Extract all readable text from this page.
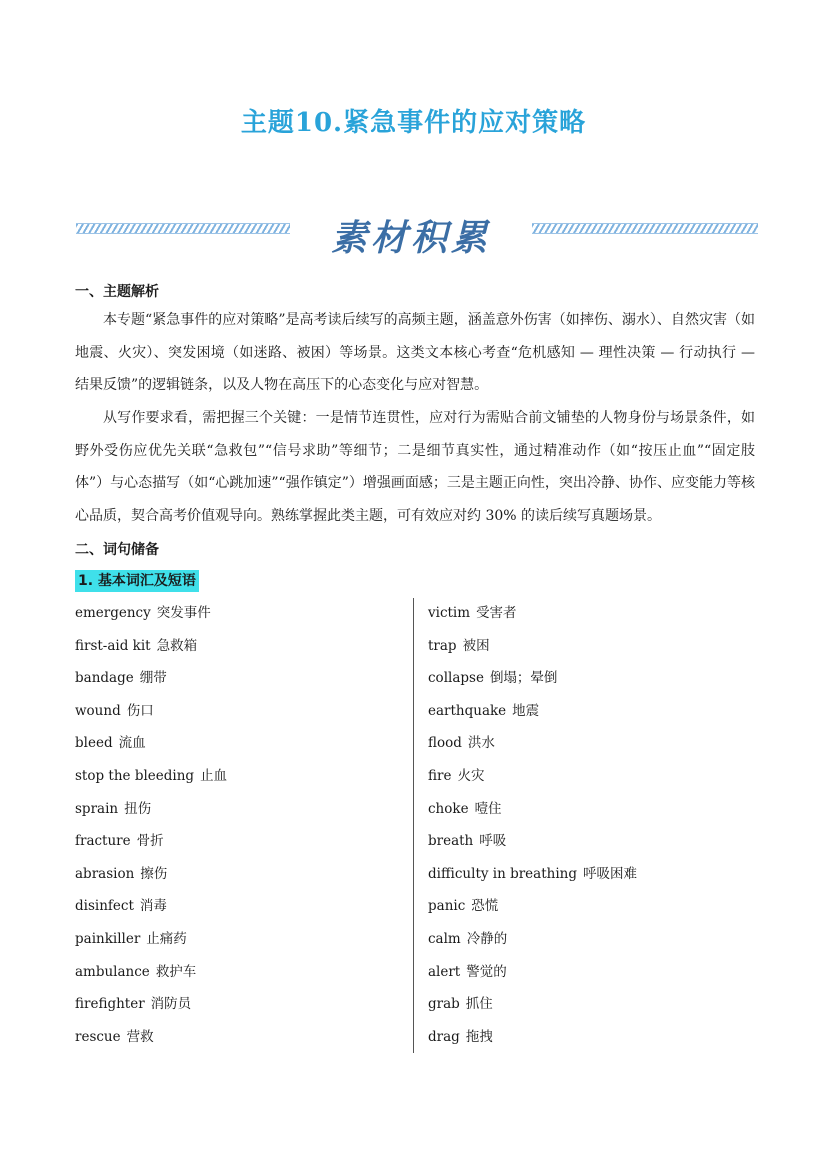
主题10.紧急事件的应对策略
素材积累
一、主题解析
本专题“紧急事件的应对策略”是高考读后续写的高频主题，涵盖意外伤害（如摔伤、溺水）、自然灾害（如地震、火灾）、突发困境（如迷路、被困）等场景。这类文本核心考查“危机感知 — 理性决策 — 行动执行 — 结果反馈”的逻辑链条，以及人物在高压下的心态变化与应对智慧。
从写作要求看，需把握三个关键：一是情节连贯性，应对行为需贴合前文铺垫的人物身份与场景条件，如野外受伤应优先关联“急救包”“信号求助”等细节；二是细节真实性，通过精准动作（如“按压止血”“固定肢体”）与心态描写（如“心跳加速”“强作镇定”）增强画面感；三是主题正向性，突出冷静、协作、应变能力等核心品质，契合高考价值观导向。熟练掌握此类主题，可有效应对约 30% 的读后续写真题场景。
二、词句储备
1. 基本词汇及短语
emergency 突发事件
first-aid kit 急救箱
bandage 绷带
wound 伤口
bleed 流血
stop the bleeding 止血
sprain 扭伤
fracture 骨折
abrasion 擦伤
disinfect 消毒
painkiller 止痛药
ambulance 救护车
firefighter 消防员
rescue 营救
victim 受害者
trap 被困
collapse 倒塌；晕倒
earthquake 地震
flood 洪水
fire 火灾
choke 噎住
breath 呼吸
difficulty in breathing 呼吸困难
panic 恐慌
calm 冷静的
alert 警觉的
grab 抓住
drag 拖拽
